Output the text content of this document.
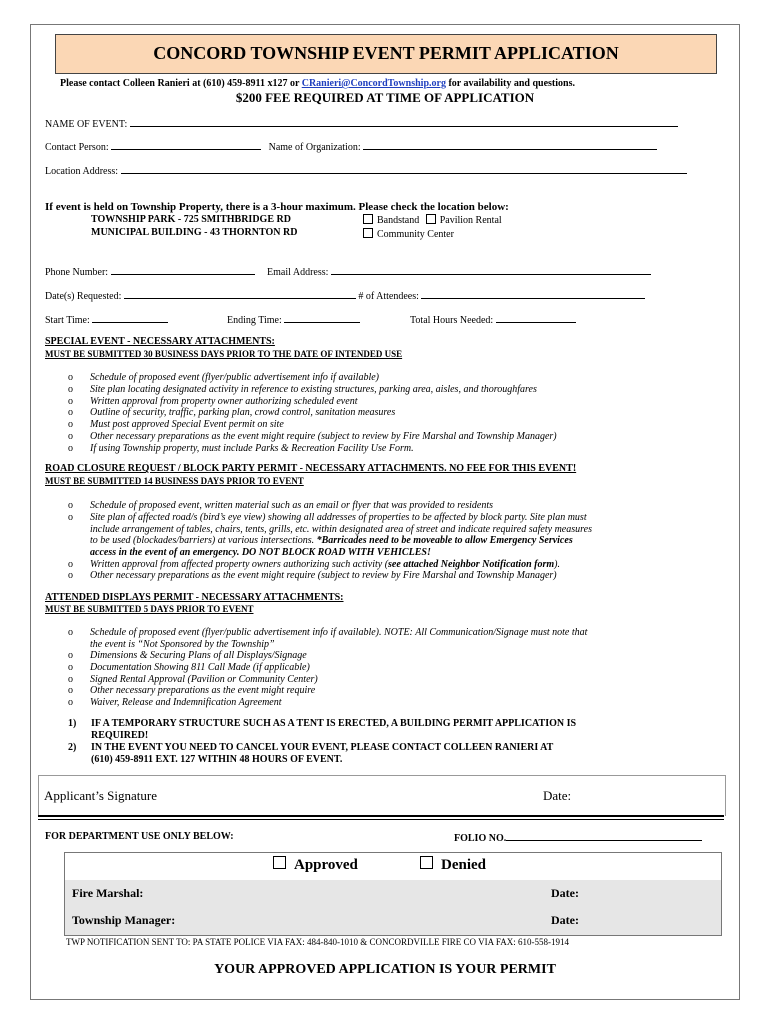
CONCORD TOWNSHIP EVENT PERMIT APPLICATION
Please contact Colleen Ranieri at (610) 459-8911 x127 or CRanieri@ConcordTownship.org for availability and questions.
$200 FEE REQUIRED AT TIME OF APPLICATION
NAME OF EVENT:
Contact Person:	Name of Organization:
Location Address:
If event is held on Township Property, there is a 3-hour maximum. Please check the location below:
TOWNSHIP PARK - 725 SMITHBRIDGE RD	Bandstand Pavilion Rental
MUNICIPAL BUILDING - 43 THORNTON RD	Community Center
Phone Number:	Email Address:
Date(s) Requested:	# of Attendees:
Start Time:	Ending Time:	Total Hours Needed:
SPECIAL EVENT - NECESSARY ATTACHMENTS:
MUST BE SUBMITTED 30 BUSINESS DAYS PRIOR TO THE DATE OF INTENDED USE
o Schedule of proposed event (flyer/public advertisement info if available)
o Site plan locating designated activity in reference to existing structures, parking area, aisles, and thoroughfares
o Written approval from property owner authorizing scheduled event
o Outline of security, traffic, parking plan, crowd control, sanitation measures
o Must post approved Special Event permit on site
o Other necessary preparations as the event might require (subject to review by Fire Marshal and Township Manager)
o If using Township property, must include Parks & Recreation Facility Use Form.
ROAD CLOSURE REQUEST / BLOCK PARTY PERMIT - NECESSARY ATTACHMENTS. NO FEE FOR THIS EVENT!
MUST BE SUBMITTED 14 BUSINESS DAYS PRIOR TO EVENT
o Schedule of proposed event, written material such as an email or flyer that was provided to residents
o Site plan of affected road/s (bird’s eye view) showing all addresses of properties to be affected by block party. Site plan must
include arrangement of tables, chairs, tents, grills, etc. within designated area of street and indicate required safety measures
to be used (blockades/barriers) at various intersections. *Barricades need to be moveable to allow Emergency Services
access in the event of an emergency. DO NOT BLOCK ROAD WITH VEHICLES!
o Written approval from affected property owners authorizing such activity (see attached Neighbor Notification form).
o Other necessary preparations as the event might require (subject to review by Fire Marshal and Township Manager)
ATTENDED DISPLAYS PERMIT - NECESSARY ATTACHMENTS:
MUST BE SUBMITTED 5 DAYS PRIOR TO EVENT
o Schedule of proposed event (flyer/public advertisement info if available). NOTE: All Communication/Signage must note that
the event is “Not Sponsored by the Township”
o Dimensions & Securing Plans of all Displays/Signage
o Documentation Showing 811 Call Made (if applicable)
o Signed Rental Approval (Pavilion or Community Center)
o Other necessary preparations as the event might require
o Waiver, Release and Indemnification Agreement
1) IF A TEMPORARY STRUCTURE SUCH AS A TENT IS ERECTED, A BUILDING PERMIT APPLICATION IS
REQUIRED!
2) IN THE EVENT YOU NEED TO CANCEL YOUR EVENT, PLEASE CONTACT COLLEEN RANIERI AT
(610) 459-8911 EXT. 127 WITHIN 48 HOURS OF EVENT.
Applicant’s Signature	Date:
FOR DEPARTMENT USE ONLY BELOW:	FOLIO NO.
Approved	Denied
Fire Marshal:	Date:
Township Manager:	Date:
TWP NOTIFICATION SENT TO: PA STATE POLICE VIA FAX: 484-840-1010 & CONCORDVILLE FIRE CO VIA FAX: 610-558-1914
YOUR APPROVED APPLICATION IS YOUR PERMIT
